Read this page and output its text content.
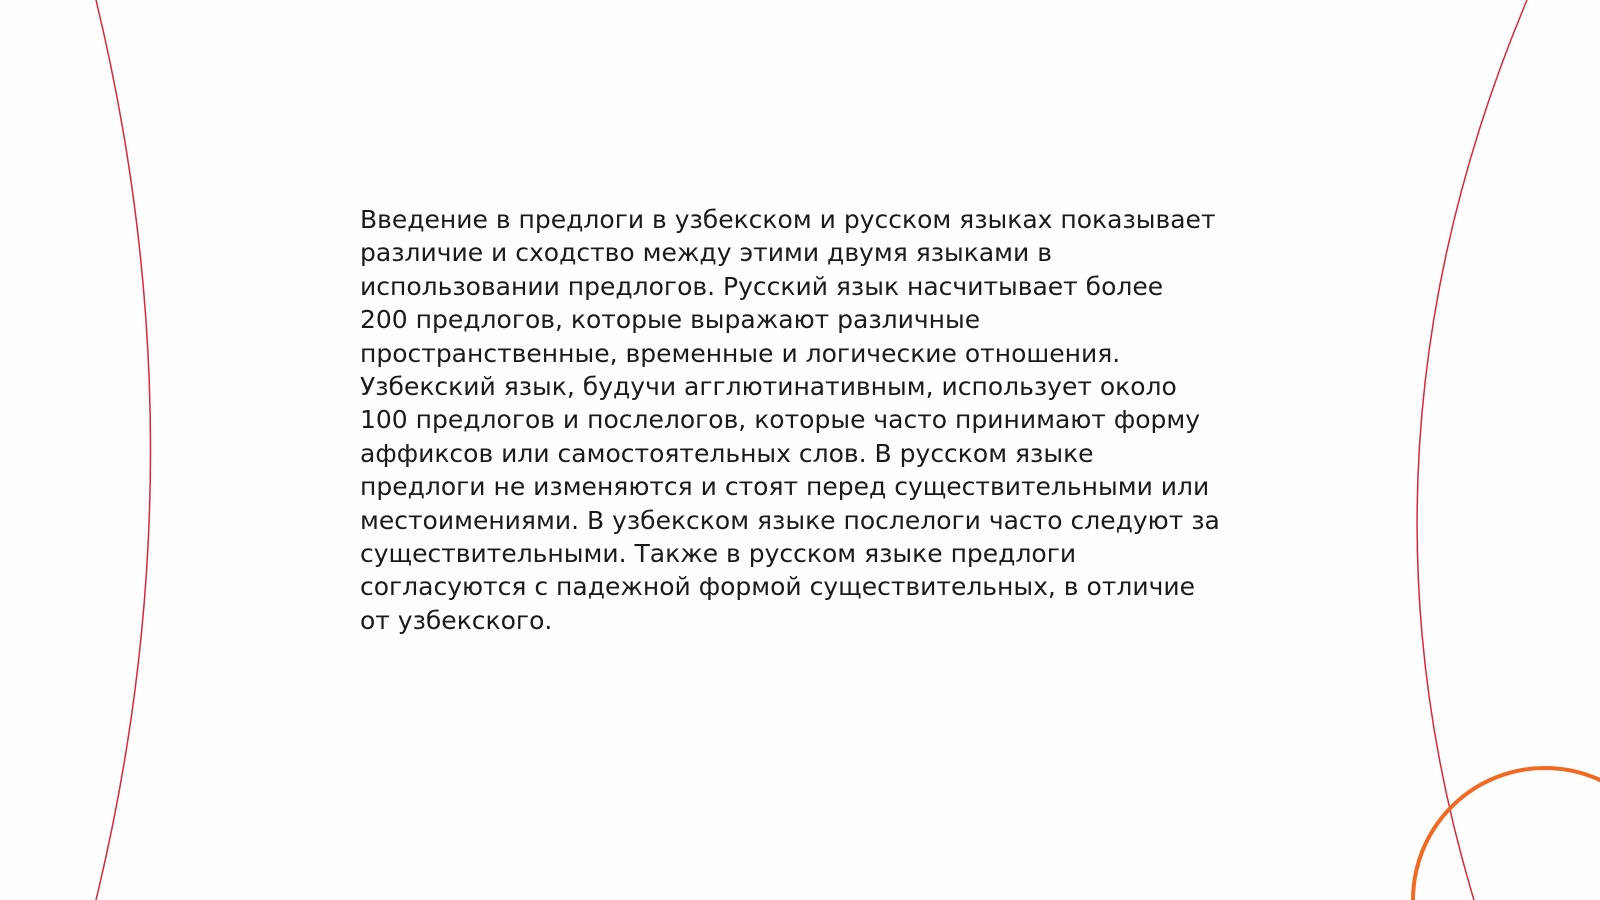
Введение в предлоги в узбекском и русском языках показывает
различие и сходство между этими двумя языками в
использовании предлогов. Русский язык насчитывает более
200 предлогов, которые выражают различные
пространственные, временные и логические отношения.
Узбекский язык, будучи агглютинативным, использует около
100 предлогов и послелогов, которые часто принимают форму
аффиксов или самостоятельных слов. В русском языке
предлоги не изменяются и стоят перед существительными или
местоимениями. В узбекском языке послелоги часто следуют за
существительными. Также в русском языке предлоги
согласуются с падежной формой существительных, в отличие
от узбекского.
